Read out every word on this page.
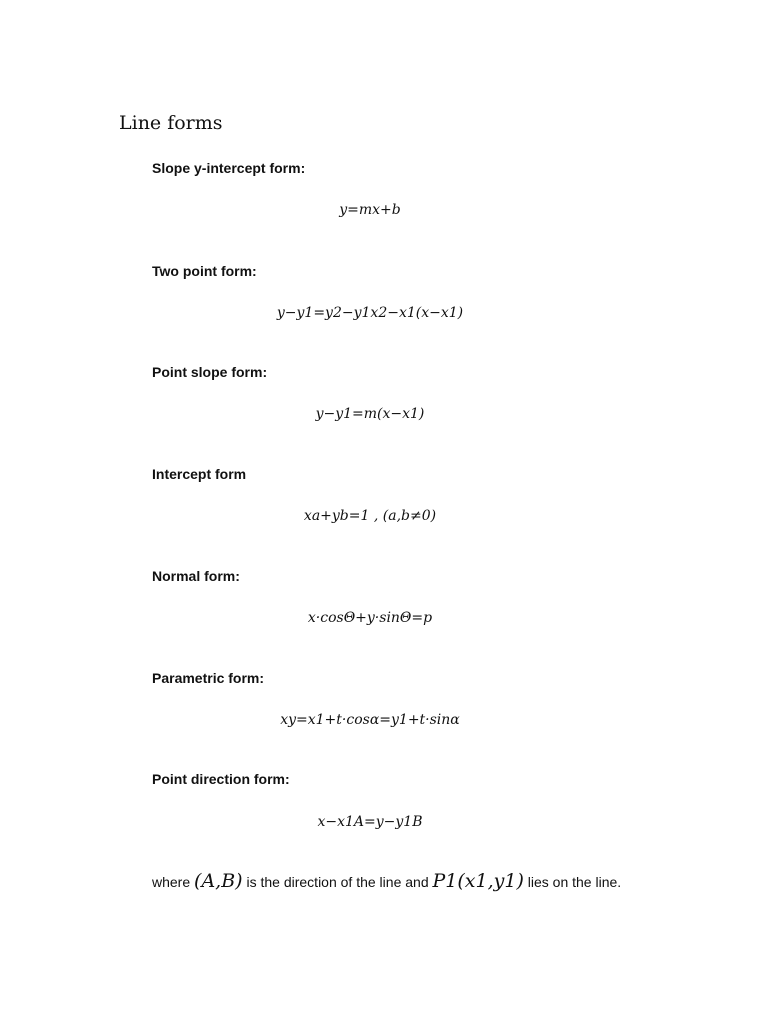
Line forms
Slope y-intercept form:
y=mx+b
Two point form:
y−y1=y2−y1x2−x1(x−x1)
Point slope form:
y−y1=m(x−x1)
Intercept form
xa+yb=1 , (a,b≠0)
Normal form:
x·cosΘ+y·sinΘ=p
Parametric form:
xy=x1+t·cosα=y1+t·sinα
Point direction form:
x−x1A=y−y1B
where (A,B) is the direction of the line and P1(x1,y1) lies on the line.
